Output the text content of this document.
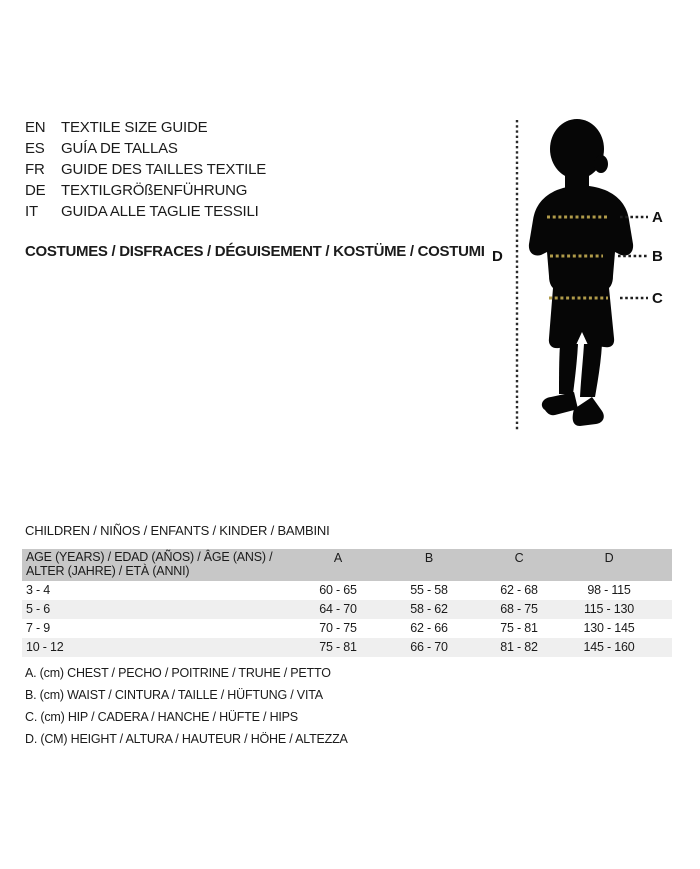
EN	TEXTILE SIZE GUIDE
ES	GUÍA DE TALLAS
FR	GUIDE DES TAILLES TEXTILE
DE	TEXTILGRÖßENFÜHRUNG
IT	GUIDA ALLE TAGLIE TESSILI
COSTUMES / DISFRACES / DÉGUISEMENT / KOSTÜME / COSTUMI D
A
B
C
CHILDREN / NIÑOS / ENFANTS / KINDER / BAMBINI
AGE (YEARS) / EDAD (AÑOS) / ÂGE (ANS) /
ALTER (JAHRE) / ETÀ (ANNI)
A	B	C	D
3 - 4	60 - 65	55 - 58	62 - 68	98 - 115
5 - 6	64 - 70	58 - 62	68 - 75	115 - 130
7 - 9	70 - 75	62 - 66	75 - 81	130 - 145
10 - 12	75 - 81	66 - 70	81 - 82	145 - 160
A. (cm) CHEST / PECHO / POITRINE / TRUHE / PETTO
B. (cm) WAIST / CINTURA / TAILLE / HÜFTUNG / VITA
C. (cm) HIP / CADERA / HANCHE / HÜFTE / HIPS
D. (CM) HEIGHT / ALTURA / HAUTEUR / HÖHE / ALTEZZA
